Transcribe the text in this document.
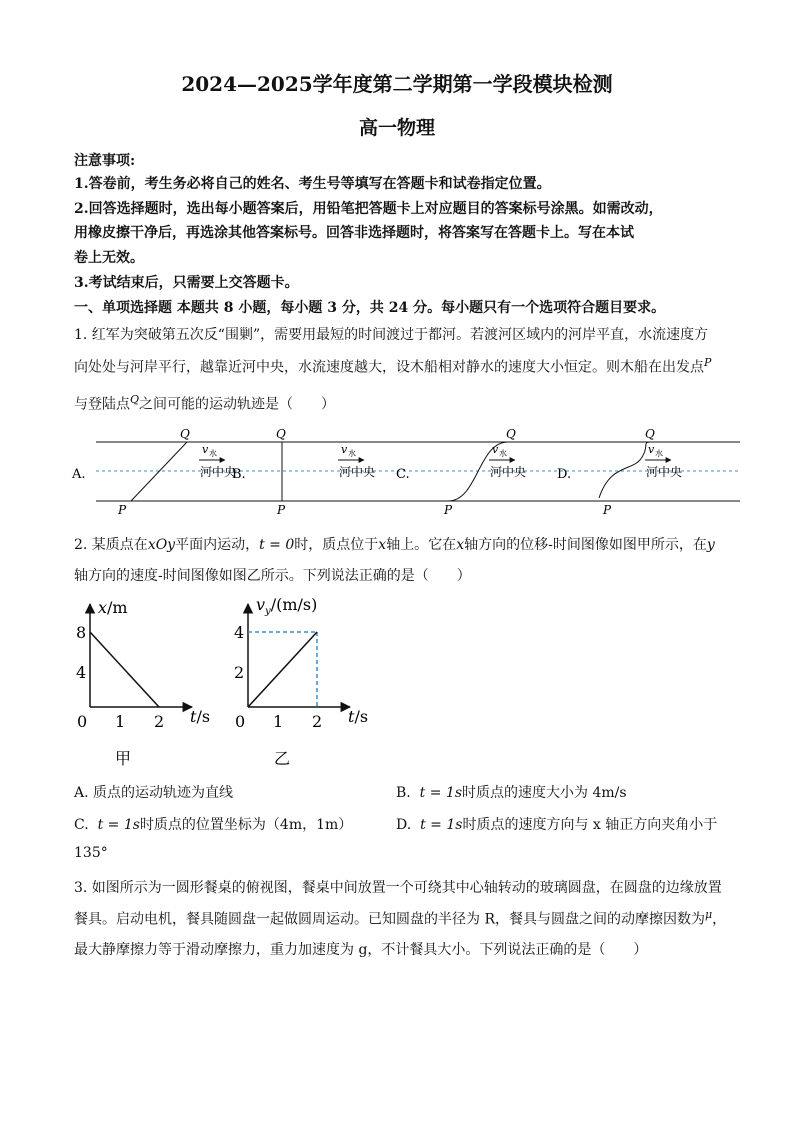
2024—2025学年度第二学期第一学段模块检测
高一物理
注意事项:
1.答卷前，考生务必将自己的姓名、考生号等填写在答题卡和试卷指定位置。
2.回答选择题时，选出每小题答案后，用铅笔把答题卡上对应题目的答案标号涂黑。如需改动，
用橡皮擦干净后，再选涂其他答案标号。回答非选择题时，将答案写在答题卡上。写在本试
卷上无效。
3.考试结束后，只需要上交答题卡。
一、单项选择题 本题共 8 小题，每小题 3 分，共 24 分。每小题只有一个选项符合题目要求。
1. 红军为突破第五次反“围剿”，需要用最短的时间渡过于都河。若渡河区域内的河岸平直，水流速度方
向处处与河岸平行，越靠近河中央，水流速度越大，设木船相对静水的速度大小恒定。则木船在出发点$^P$
与登陆点$^Q$之间可能的运动轨迹是（　　）
A.
Q
P
v 水
河中央
B.
Q
P
v 水
河中央 C.
Q
P
v 水
河中央 D.
Q
P
v 水
河中央
2. 某质点在xOy平面内运动，t = 0时，质点位于x轴上。它在x轴方向的位移-时间图像如图甲所示，在y
轴方向的速度-时间图像如图乙所示。下列说法正确的是（　　）
x/m
8
4
0 1 2 t/s
甲
$v_y/(m/s)$
4
2
0 1 2 t/s
乙
A. 质点的运动轨迹为直线	B. t = 1s时质点的速度大小为 4m/s
C. t = 1s时质点的位置坐标为（4m，1m）	D. t = 1s时质点的速度方向与 x 轴正方向夹角小于
135°
3. 如图所示为一圆形餐桌的俯视图，餐桌中间放置一个可绕其中心轴转动的玻璃圆盘，在圆盘的边缘放置
餐具。启动电机，餐具随圆盘一起做圆周运动。已知圆盘的半径为 R，餐具与圆盘之间的动摩擦因数为$^\mu$，
最大静摩擦力等于滑动摩擦力，重力加速度为 g，不计餐具大小。下列说法正确的是（　　）
